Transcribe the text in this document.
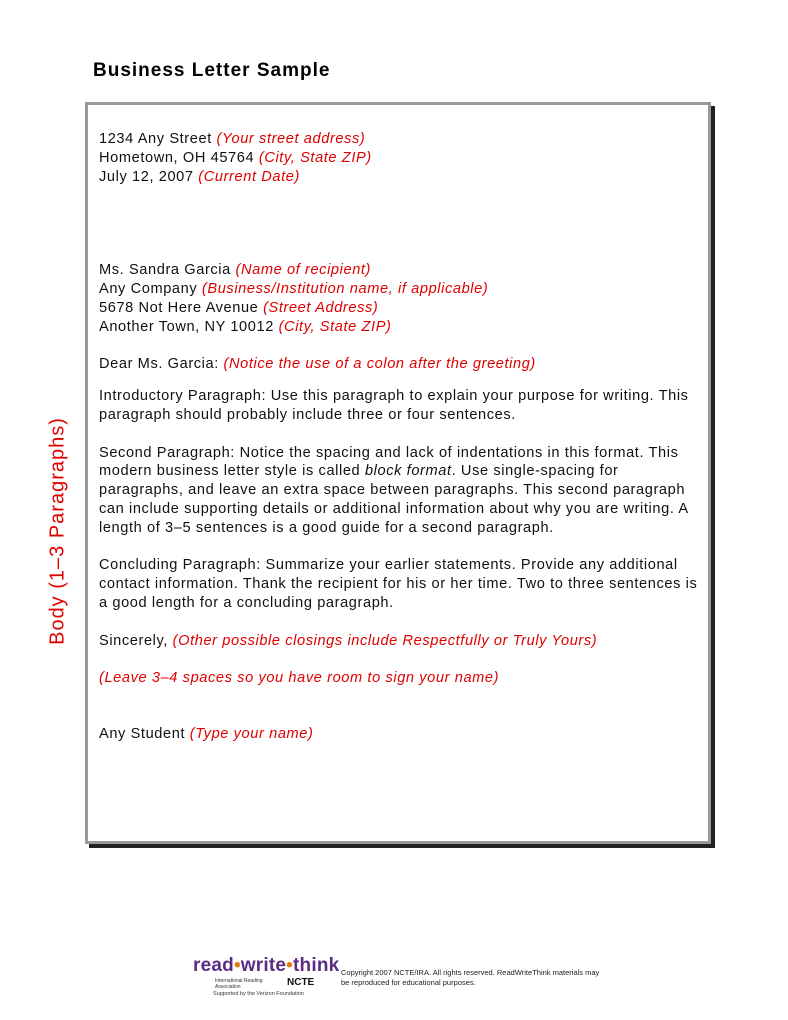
Business Letter Sample
Body (1–3 Paragraphs)
1234 Any Street (Your street address)
Hometown, OH 45764 (City, State ZIP)
July 12, 2007 (Current Date)
Ms. Sandra Garcia (Name of recipient)
Any Company (Business/Institution name, if applicable)
5678 Not Here Avenue (Street Address)
Another Town, NY 10012 (City, State ZIP)
Dear Ms. Garcia: (Notice the use of a colon after the greeting)

Introductory Paragraph: Use this paragraph to explain your purpose for writing. This paragraph should probably include three or four sentences.

Second Paragraph: Notice the spacing and lack of indentations in this format. This modern business letter style is called block format. Use single-spacing for paragraphs, and leave an extra space between paragraphs. This second paragraph can include supporting details or additional information about why you are writing. A length of 3–5 sentences is a good guide for a second paragraph.

Concluding Paragraph: Summarize your earlier statements. Provide any additional contact information. Thank the recipient for his or her time. Two to three sentences is a good length for a concluding paragraph.

Sincerely, (Other possible closings include Respectfully or Truly Yours)
(Leave 3–4 spaces so you have room to sign your name)
Any Student (Type your name)
read•write•think
International Reading Association	NCTE
Supported by the Verizon Foundation
Copyright 2007 NCTE/IRA. All rights reserved. ReadWriteThink materials may be reproduced for educational purposes.
